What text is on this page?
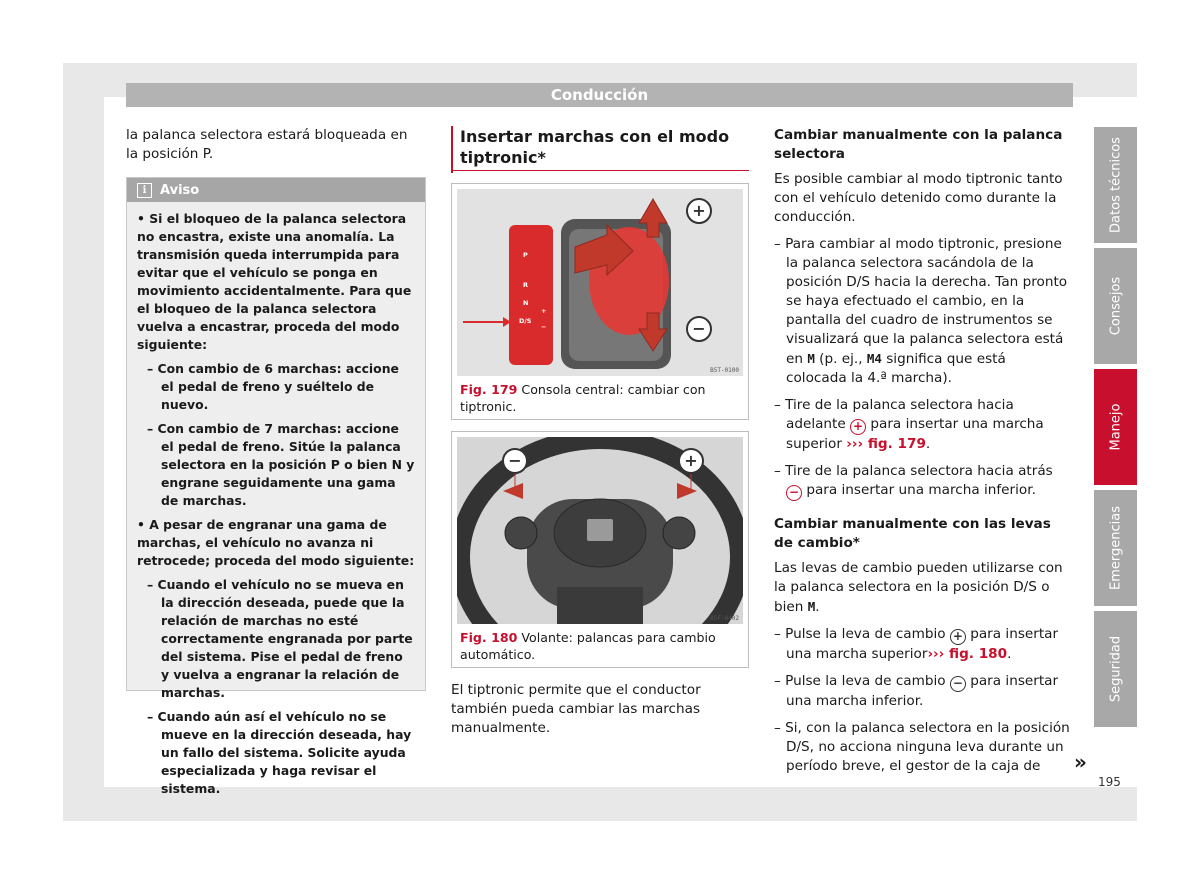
Conducción

la palanca selectora estará bloqueada en la posición P.

i	Aviso

• Si el bloqueo de la palanca selectora no encastra, existe una anomalía. La transmisión queda interrumpida para evitar que el vehículo se ponga en movimiento accidentalmente. Para que el bloqueo de la palanca selectora vuelva a encastrar, proceda del modo siguiente:

– Con cambio de 6 marchas: accione el pedal de freno y suéltelo de nuevo.

– Con cambio de 7 marchas: accione el pedal de freno. Sitúe la palanca selectora en la posición P o bien N y engrane seguidamente una gama de marchas.

• A pesar de engranar una gama de marchas, el vehículo no avanza ni retrocede; proceda del modo siguiente:

– Cuando el vehículo no se mueva en la dirección deseada, puede que la relación de marchas no esté correctamente engranada por parte del sistema. Pise el pedal de freno y vuelva a engranar la relación de marchas.

– Cuando aún así el vehículo no se mueve en la dirección deseada, hay un fallo del sistema. Solicite ayuda especializada y haga revisar el sistema.

Insertar marchas con el modo tiptronic*
+
−
P
R
N
D/S
+
−
B5T-0100
Fig. 179 Consola central: cambiar con tiptronic.
−	+
B5F-0402
Fig. 180 Volante: palancas para cambio automático.

El tiptronic permite que el conductor también pueda cambiar las marchas manualmente.

Cambiar manualmente con la palanca selectora

Es posible cambiar al modo tiptronic tanto con el vehículo detenido como durante la conducción.

– Para cambiar al modo tiptronic, presione la palanca selectora sacándola de la posición D/S hacia la derecha. Tan pronto se haya efectuado el cambio, en la pantalla del cuadro de instrumentos se visualizará que la palanca selectora está en M (p. ej., M4 significa que está colocada la 4.ª marcha).

– Tire de la palanca selectora hacia adelante + para insertar una marcha superior ››› fig. 179.

– Tire de la palanca selectora hacia atrás − para insertar una marcha inferior.

Cambiar manualmente con las levas de cambio*

Las levas de cambio pueden utilizarse con la palanca selectora en la posición D/S o bien M.

– Pulse la leva de cambio + para insertar una marcha superior››› fig. 180.

– Pulse la leva de cambio − para insertar una marcha inferior.

– Si, con la palanca selectora en la posición D/S, no acciona ninguna leva durante un período breve, el gestor de la caja de	»
Datos técnicos
Consejos
Manejo
Emergencias
Seguridad
195
